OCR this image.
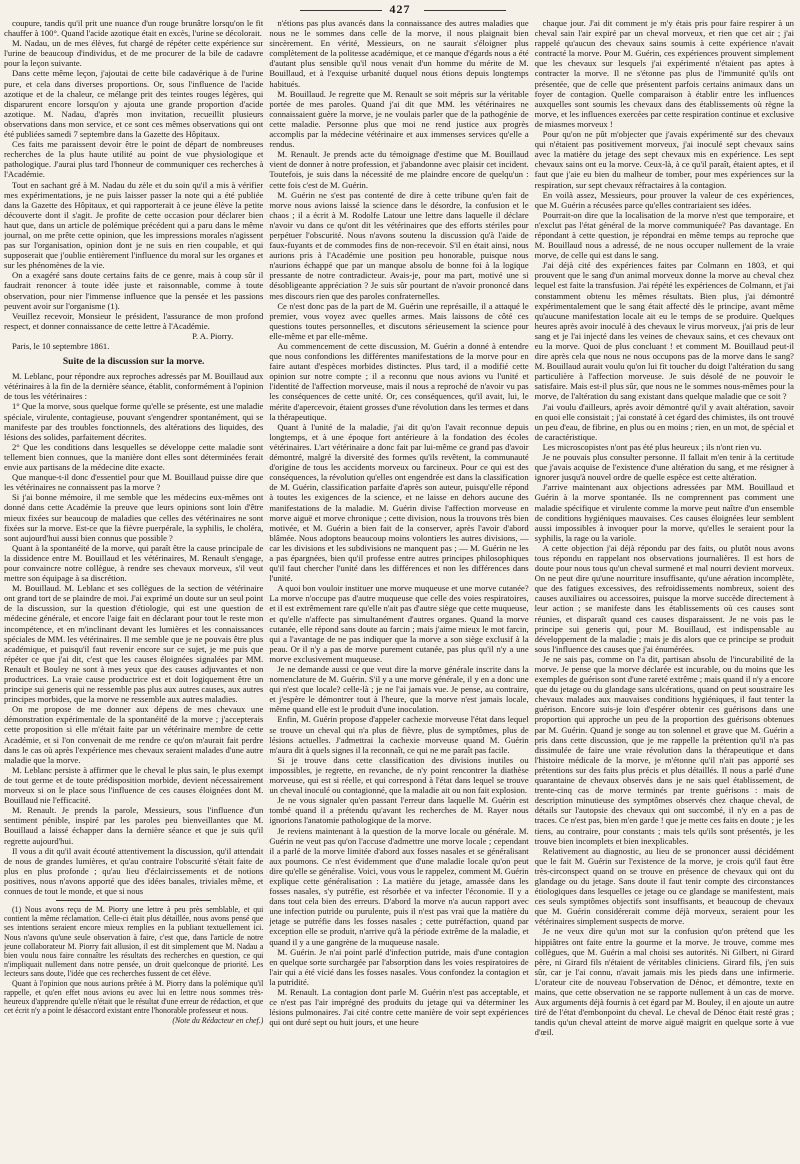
427

coupure, tandis qu'il prit une nuance d'un rouge brunâtre lorsqu'on le fit chauffer à 100°. Quand l'acide azotique était en excès, l'urine se décolorait.

M. Nadau, un de mes élèves, fut chargé de répéter cette expérience sur l'urine de beaucoup d'individus, et de me procurer de la bile de cadavre pour la leçon suivante.

Dans cette même leçon, j'ajoutai de cette bile cadavérique à de l'urine pure, et cela dans diverses proportions. Or, sous l'influence de l'acide azotique et de la chaleur, ce mélange prit des teintes rouges légères, qui disparurent encore lorsqu'on y ajouta une grande proportion d'acide azotique. M. Nadau, d'après mon invitation, recueillit plusieurs observations dans mon service, et ce sont ces mêmes observations qui ont été publiées samedi 7 septembre dans la Gazette des Hôpitaux.

Ces faits me paraissent devoir être le point de départ de nombreuses recherches de la plus haute utilité au point de vue physiologique et pathologique. J'aurai plus tard l'honneur de communiquer ces recherches à l'Académie.

Tout en sachant gré à M. Nadau du zèle et du soin qu'il a mis à vérifier mes expérimentations, je ne puis laisser passer la note qui a été publiée dans la Gazette des Hôpitaux, et qui rapporterait à ce jeune élève la petite découverte dont il s'agit. Je profite de cette occasion pour déclarer bien haut que, dans un article de polémique précédent qui a paru dans le même journal, on me prête cette opinion, que les impressions morales n'agissent pas sur l'organisation, opinion dont je ne suis en rien coupable, et qui supposerait que j'oublie entièrement l'influence du moral sur les organes et sur les phénomènes de la vie.

On a exagéré sans doute certains faits de ce genre, mais à coup sûr il faudrait renoncer à toute idée juste et raisonnable, comme à toute observation, pour nier l'immense influence que la pensée et les passions peuvent avoir sur l'organisme (1).

Veuillez recevoir, Monsieur le président, l'assurance de mon profond respect, et donner connaissance de cette lettre à l'Académie.

P. A. Piorry.

Paris, le 10 septembre 1861.

Suite de la discussion sur la morve.

M. Leblanc, pour répondre aux reproches adressés par M. Bouillaud aux vétérinaires à la fin de la dernière séance, établit, conformément à l'opinion de tous les vétérinaires :

1° Que la morve, sous quelque forme qu'elle se présente, est une maladie spéciale, virulente, contagieuse, pouvant s'engendrer spontanément, qui se manifeste par des troubles fonctionnels, des altérations des liquides, des lésions des solides, parfaitement décrites.

2° Que les conditions dans lesquelles se développe cette maladie sont tellement bien connues, que la manière dont elles sont déterminées ferait envie aux partisans de la médecine dite exacte.

Que manque-t-il donc d'essentiel pour que M. Bouillaud puisse dire que les vétérinaires ne connaissent pas la morve ?

Si j'ai bonne mémoire, il me semble que les médecins eux-mêmes ont donné dans cette Académie la preuve que leurs opinions sont loin d'être mieux fixées sur beaucoup de maladies que celles des vétérinaires ne sont fixées sur la morve. Est-ce que la fièvre puerpérale, la syphilis, le choléra, sont aujourd'hui aussi bien connus que possible ?

Quant à la spontanéité de la morve, qui paraît être la cause principale de la dissidence entre M. Bouillaud et les vétérinaires, M. Renault s'engage, pour convaincre notre collègue, à rendre ses chevaux morveux, s'il veut mettre son équipage à sa discrétion.

M. Bouillaud. M. Leblanc et ses collègues de la section de vétérinaire ont grand tort de se plaindre de moi. J'ai exprimé un doute sur un seul point de la discussion, sur la question d'étiologie, qui est une question de médecine générale, et encore l'aige fait en déclarant pour tout le reste mon incompétence, et en m'inclinant devant les lumières et les connaissances spéciales de MM. les vétérinaires. Il me semble que je ne pouvais être plus académique, et puisqu'il faut revenir encore sur ce sujet, je me puis que répéter ce que j'ai dit, c'est que les causes éloignées signalées par MM. Renault et Bouley ne sont à mes yeux que des causes adjuvantes et non productrices. La vraie cause productrice est et doit logiquement être un principe sui generis qui ne ressemble pas plus aux autres causes, aux autres principes morbides, que la morve ne ressemble aux autres maladies.

On me propose de me donner aux dépens de mes chevaux une démonstration expérimentale de la spontanéité de la morve ; j'accepterais cette proposition si elle m'était faite par un vétérinaire membre de cette Académie, et si l'on convenait de me rendre ce qu'on m'aurait fait perdre dans le cas où après l'expérience mes chevaux seraient malades d'une autre maladie que la morve.

M. Leblanc persiste à affirmer que le cheval le plus sain, le plus exempt de tout germe et de toute prédisposition morbide, devient nécessairement morveux si on le place sous l'influence de ces causes éloignées dont M. Bouillaud nie l'efficacité.

M. Renault. Je prends la parole, Messieurs, sous l'influence d'un sentiment pénible, inspiré par les paroles peu bienveillantes que M. Bouillaud a laissé échapper dans la dernière séance et que je suis qu'il regrette aujourd'hui.

Il vous a dit qu'il avait écouté attentivement la discussion, qu'il attendait de nous de grandes lumières, et qu'au contraire l'obscurité s'était faite de plus en plus profonde ; qu'au lieu d'éclaircissements et de notions positives, nous n'avons apporté que des idées banales, triviales même, et connues de tout le monde, et que si nous

(1) Nous avons reçu de M. Piorry une lettre à peu près semblable, et qui contient la même réclamation. Celle-ci était plus détaillée, nous avons pensé que ses intentions seraient encore mieux remplies en la publiant textuellement ici. Nous n'avons qu'une seule observation à faire, c'est que, dans l'article de notre jeune collaborateur M. Piorry fait allusion, il est dit simplement que M. Nadau a bien voulu nous faire connaître les résultats des recherches en question, ce qui n'impliquait nullement dans notre pensée, un droit quelconque de priorité. Les lecteurs sans doute, l'idée que ces recherches fussent de cet élève.

Quant à l'opinion que nous aurions prêtée à M. Piorry dans la polémique qu'il rappelle, et qu'en effet nous avions eu avec lui en lettre nous sommes très-heureux d'apprendre qu'elle n'était que le résultat d'une erreur de rédaction, et que cet écrit n'y a point le désaccord existant entre l'honorable professeur et nous.

(Note du Rédacteur en chef.)

n'étions pas plus avancés dans la connaissance des autres maladies que nous ne le sommes dans celle de la morve, il nous plaignait bien sincèrement. En vérité, Messieurs, on ne saurait s'éloigner plus complètement de la politesse académique, et ce manque d'égards nous a été d'autant plus sensible qu'il nous venait d'un homme du mérite de M. Bouillaud, et à l'exquise urbanité duquel nous étions depuis longtemps habitués.

M. Bouillaud. Je regrette que M. Renault se soit mépris sur la véritable portée de mes paroles. Quand j'ai dit que MM. les vétérinaires ne connaissaient guère la morve, je ne voulais parler que de la pathogénie de cette maladie. Personne plus que moi ne rend justice aux progrès accomplis par la médecine vétérinaire et aux immenses services qu'elle a rendus.

M. Renault. Je prends acte du témoignage d'estime que M. Bouillaud vient de donner à notre profession, et j'abandonne avec plaisir cet incident. Toutefois, je suis dans la nécessité de me plaindre encore de quelqu'un : cette fois c'est de M. Guérin.

M. Guérin ne s'est pas contenté de dire à cette tribune qu'en fait de morve nous avions laissé la science dans le désordre, la confusion et le chaos ; il a écrit à M. Rodolfe Latour une lettre dans laquelle il déclare n'avoir vu dans ce qu'ont dit les vétérinaires que des efforts stériles pour perpétuer l'obscurité. Nous n'avons soutenu la discussion qu'à l'aide de faux-fuyants et de commodes fins de non-recevoir. S'il en était ainsi, nous aurions pris à l'Académie une position peu honorable, puisque nous n'aurions échappé que par un manque absolu de bonne foi à la logique pressante de notre contradicteur. Avais-je, pour ma part, motivé une si désobligeante appréciation ? Je suis sûr pourtant de n'avoir prononcé dans mes discours rien que des paroles confraternelles.

Ce n'est donc pas de la part de M. Guérin une représaille, il a attaqué le premier, vous voyez avec quelles armes. Mais laissons de côté ces questions toutes personnelles, et discutons sérieusement la science pour elle-même et par elle-même.

Au commencement de cette discussion, M. Guérin a donné à entendre que nous confondions les différentes manifestations de la morve pour en faire autant d'espèces morbides distinctes. Plus tard, il a modifié cette opinion sur notre compte ; il a reconnu que nous avions vu l'unité et l'identité de l'affection morveuse, mais il nous a reproché de n'avoir vu pas les conséquences de cette unité. Or, ces conséquences, qu'il avait, lui, le mérite d'apercevoir, étaient grosses d'une révolution dans les termes et dans la thérapeutique.

Quant à l'unité de la maladie, j'ai dit qu'on l'avait reconnue depuis longtemps, et à une époque fort antérieure à la fondation des écoles vétérinaires. L'art vétérinaire a donc fait par lui-même ce grand pas d'avoir démontré, malgré la diversité des formes qu'ils revêtent, la communauté d'origine de tous les accidents morveux ou farcineux. Pour ce qui est des conséquences, la révolution qu'elles ont engendrée est dans la classification de M. Guérin, classification parfaite d'après son auteur, puisqu'elle répond à toutes les exigences de la science, et ne laisse en dehors aucune des manifestations de la maladie. M. Guérin divise l'affection morveuse en morve aiguë et morve chronique ; cette division, nous la trouvons très bien motivée, et M. Guérin a bien fait de la conserver, après l'avoir d'abord blâmée. Nous adoptons beaucoup moins volontiers les autres divisions, — car les divisions et les subdivisions ne manquent pas ; — M. Guérin ne les a pas épargnées, bien qu'il professe entre autres principes philosophiques qu'il faut chercher l'unité dans les différences et non les différences dans l'unité.

A quoi bon vouloir instituer une morve muqueuse et une morve cutanée? La morve n'occupe pas d'autre muqueuse que celle des voies respiratoires, et il est extrêmement rare qu'elle n'ait pas d'autre siège que cette muqueuse, et qu'elle n'affecte pas simultanément d'autres organes. Quand la morve cutanée, elle répond sans doute au farcin ; mais j'aime mieux le mot farcin, qui a l'avantage de ne pas indiquer que la morve a son siège exclusif à la peau. Or il n'y a pas de morve purement cutanée, pas plus qu'il n'y a une morve exclusivement muqueuse.

Je ne demande aussi ce que veut dire la morve générale inscrite dans la nomenclature de M. Guérin. S'il y a une morve générale, il y en a donc une qui n'est que locale? celle-là ; je ne l'ai jamais vue. Je pense, au contraire, et j'espère le démontrer tout à l'heure, que la morve n'est jamais locale, même quand elle est le produit d'une inoculation.

Enfin, M. Guérin propose d'appeler cachexie morveuse l'état dans lequel se trouve un cheval qui n'a plus de fièvre, plus de symptômes, plus de lésions actuelles. J'admettrai la cachexie morveuse quand M. Guérin m'aura dit à quels signes il la reconnaît, ce qui ne me paraît pas facile.

Si je trouve dans cette classification des divisions inutiles ou impossibles, je regrette, en revanche, de n'y point rencontrer la diathèse morveuse, qui est si réelle, et qui correspond à l'état dans lequel se trouve un cheval inoculé ou contagionné, que la maladie ait ou non fait explosion.

Je ne vous signaler qu'en passant l'erreur dans laquelle M. Guérin est tombé quand il a prétendu qu'avant les recherches de M. Rayer nous ignorions l'anatomie pathologique de la morve.

Je reviens maintenant à la question de la morve locale ou générale. M. Guérin ne veut pas qu'on l'accuse d'admettre une morve locale ; cependant il a parlé de la morve limitée d'abord aux fosses nasales et se généralisant aux poumons. Ce n'est évidemment que d'une maladie locale qu'on peut dire qu'elle se généralise. Voici, vous vous le rappelez, comment M. Guérin explique cette généralisation : La matière du jetage, amassée dans les fosses nasales, s'y putréfie, est résorbée et va infecter l'économie. Il y a dans tout cela bien des erreurs. D'abord la morve n'a aucun rapport avec une infection putride ou purulente, puis il n'est pas vrai que la matière du jetage se putréfie dans les fosses nasales ; cette putréfaction, quand par exception elle se produit, n'arrive qu'à la période extrême de la maladie, et quand il y a une gangrène de la muqueuse nasale.

M. Guérin. Je n'ai point parlé d'infection putride, mais d'une contagion en quelque sorte surchargée par l'absorption dans les voies respiratoires de l'air qui a été vicié dans les fosses nasales. Vous confondez la contagion et la putridité.

M. Renault. La contagion dont parle M. Guérin n'est pas acceptable, et ce n'est pas l'air imprégné des produits du jetage qui va déterminer les lésions pulmonaires. J'ai cité contre cette manière de voir sept expériences qui ont duré sept ou huit jours, et une heure

chaque jour. J'ai dit comment je m'y étais pris pour faire respirer à un cheval sain l'air expiré par un cheval morveux, et rien que cet air ; j'ai rappelé qu'aucun des chevaux sains soumis à cette expérience n'avait contracté la morve. Pour M. Guérin, ces expériences prouvent simplement que les chevaux sur lesquels j'ai expérimenté n'étaient pas aptes à contracter la morve. Il ne s'étonne pas plus de l'immunité qu'ils ont présentée, que de celle que présentent parfois certains animaux dans un foyer de contagion. Quelle comparaison à établir entre les influences auxquelles sont soumis les chevaux dans des établissements où règne la morve, et les influences exercées par cette respiration continue et exclusive de miasmes morveux !

Pour qu'on ne pût m'objecter que j'avais expérimenté sur des chevaux qui n'étaient pas positivement morveux, j'ai inoculé sept chevaux sains avec la matière du jetage des sept chevaux mis en expérience. Les sept chevaux sains ont eu la morve. Ceux-là, à ce qu'il paraît, étaient aptes, et il faut que j'aie eu bien du malheur de tomber, pour mes expériences sur la respiration, sur sept chevaux réfractaires à la contagion.

En voilà assez, Messieurs, pour prouver la valeur de ces expériences, que M. Guérin a récusées parce qu'elles contrariaient ses idées.

Pourrait-on dire que la localisation de la morve n'est que temporaire, et n'exclut pas l'état général de la morve communiquée? Pas davantage. En répondant à cette question, je répondrai en même temps au reproche que M. Bouillaud nous a adressé, de ne nous occuper nullement de la vraie morve, de celle qui est dans le sang.

J'ai déjà cité des expériences faites par Colmann en 1803, et qui prouvent que le sang d'un animal morveux donne la morve au cheval chez lequel est faite la transfusion. J'ai répété les expériences de Colmann, et j'ai constamment obtenu les mêmes résultats. Bien plus, j'ai démontré expérimentalement que le sang était affecté dès le principe, avant même qu'aucune manifestation locale ait eu le temps de se produire. Quelques heures après avoir inoculé à des chevaux le virus morveux, j'ai pris de leur sang et je l'ai injecté dans les veines de chevaux sains, et ces chevaux ont eu la morve. Quoi de plus concluant ! et comment M. Bouillaud peut-il dire après cela que nous ne nous occupons pas de la morve dans le sang? M. Bouillaud aurait voulu qu'on lui fit toucher du doigt l'altération du sang particulière à l'affection morveuse. Je suis désolé de ne pouvoir le satisfaire. Mais est-il plus sûr, que nous ne le sommes nous-mêmes pour la morve, de l'altération du sang existant dans quelque maladie que ce soit ?

J'ai voulu d'ailleurs, après avoir démontré qu'il y avait altération, savoir en quoi elle consistait ; j'ai constaté à cet égard des chimistes, ils ont trouvé un peu d'eau, de fibrine, en plus ou en moins ; rien, en un mot, de spécial et de caractéristique.

Les microscopistes n'ont pas été plus heureux ; ils n'ont rien vu.

Je ne pouvais plus consulter personne. Il fallait m'en tenir à la certitude que j'avais acquise de l'existence d'une altération du sang, et me résigner à ignorer jusqu'à nouvel ordre de quelle espèce est cette altération.

J'arrive maintenant aux objections adressées par MM. Bouillaud et Guérin à la morve spontanée. Ils ne comprennent pas comment une maladie spécifique et virulente comme la morve peut naître d'un ensemble de conditions hygiéniques mauvaises. Ces causes éloignées leur semblent aussi impossibles à invoquer pour la morve, qu'elles le seraient pour la syphilis, la rage ou la variole.

A cette objection j'ai déjà répondu par des faits, ou plutôt nous avons tous répondu en rappelant nos observations journalières. Il est hors de doute pour nous tous qu'un cheval surmené et mal nourri devient morveux. On ne peut dire qu'une nourriture insuffisante, qu'une aération incomplète, que des fatigues excessives, des refroidissements nombreux, soient des causes auxiliaires ou accessoires, puisque la morve succède directement à leur action ; se manifeste dans les établissements où ces causes sont réunies, et disparaît quand ces causes disparaissent. Je ne vois pas le principe sui generis qui, pour M. Bouillaud, est indispensable au développement de la maladie ; mais je dis alors que ce principe se produit sous l'influence des causes que j'ai énumérées.

Je ne sais pas, comme on l'a dit, partisan absolu de l'incurabilité de la morve. Je pense que la morve déclarée est incurable, ou du moins que les exemples de guérison sont d'une rareté extrême ; mais quand il n'y a encore que du jetage ou du glandage sans ulcérations, quand on peut soustraire les chevaux malades aux mauvaises conditions hygiéniques, il faut tenter la guérison. Encore suis-je loin d'espérer obtenir ces guérisons dans une proportion qui approche un peu de la proportion des guérisons obtenues par M. Guérin. Quand je songe au ton solennel et grave que M. Guérin a pris dans cette discussion, que je me rappelle la prétention qu'il n'a pas dissimulée de faire une vraie révolution dans la thérapeutique et dans l'histoire médicale de la morve, je m'étonne qu'il n'ait pas apporté ses prétentions sur des faits plus précis et plus détaillés. Il nous a parlé d'une quarantaine de chevaux observés dans je ne sais quel établissement, de trente-cinq cas de morve terminés par trente guérisons : mais de description minutieuse des symptômes observés chez chaque cheval, de détails sur l'autopsie des chevaux qui ont succombé, il n'y en a pas de traces. Ce n'est pas, bien m'en garde ! que je mette ces faits en doute ; je les tiens, au contraire, pour constants ; mais tels qu'ils sont présentés, je les trouve bien incomplets et bien inexplicables.

Relativement au diagnostic, au lieu de se prononcer aussi décidément que le fait M. Guérin sur l'existence de la morve, je crois qu'il faut être très-circonspect quand on se trouve en présence de chevaux qui ont du glandage ou du jetage. Sans doute il faut tenir compte des circonstances étiologiques dans lesquelles ce jetage ou ce glandage se manifestent, mais ces seuls symptômes objectifs sont insuffisants, et beaucoup de chevaux que M. Guérin considérerait comme déjà morveux, seraient pour les vétérinaires simplement suspects de morve.

Je ne veux dire qu'un mot sur la confusion qu'on prétend que les hippiâtres ont faite entre la gourme et la morve. Je trouve, comme mes collègues, que M. Guérin a mal choisi ses autorités. Ni Gilbert, ni Girard père, ni Girard fils n'étaient de véritables cliniciens. Girard fils, j'en suis sûr, car je l'ai connu, n'avait jamais mis les pieds dans une infirmerie. L'orateur cite de nouveau l'observation de Dénoc, et démontre, texte en mains, que cette observation ne se rapporte nullement à un cas de morve. Aux arguments déjà fournis à cet égard par M. Bouley, il en ajoute un autre tiré de l'état d'embonpoint du cheval. Le cheval de Dénoc était resté gras ; tandis qu'un cheval atteint de morve aiguë maigrit en quelque sorte à vue d'œil.
